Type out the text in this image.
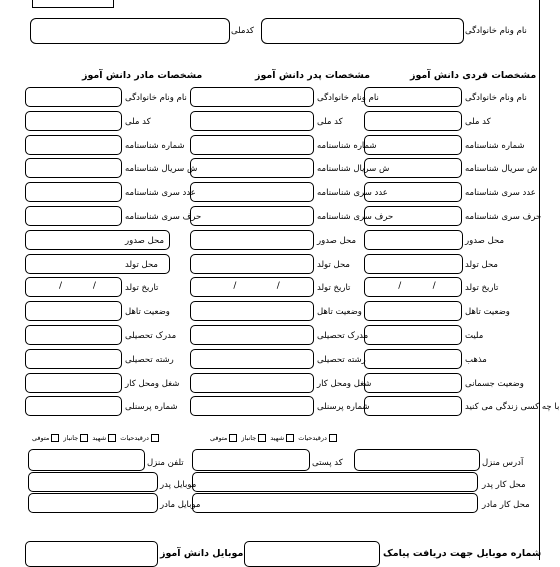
نام ونام خانوادگی
کدملی
مشخصات فردی دانش آموز
مشخصات پدر دانش آموز
مشخصات مادر دانش آموز
نام ونام خانوادگی
کد ملی
شماره شناسنامه
ش سریال شناسنامه
عدد سری شناسنامه
حرف سری شناسنامه
محل صدور
محل تولد
تاریخ تولد
/	/
وضعیت تاهل
ملیت
مذهب
وضعیت جسمانی
با چه کسی زندگی می کنید
نام ونام خانوادگی
کد ملی
شماره شناسنامه
ش سریال شناسنامه
عدد سری شناسنامه
حرف سری شناسنامه
محل صدور
محل تولد
تاریخ تولد
/	/
وضعیت تاهل
مدرک تحصیلی
رشته تحصیلی
شغل ومحل کار
شماره پرسنلی
نام ونام خانوادگی
کد ملی
شماره شناسنامه
ش سریال شناسنامه
عدد سری شناسنامه
حرف سری شناسنامه
محل صدور
محل تولد
تاریخ تولد
/	/
وضعیت تاهل
مدرک تحصیلی
رشته تحصیلی
شغل ومحل کار
شماره پرسنلی
درقیدحیات شهید جانباز متوفی
درقیدحیات شهید جانباز متوفی
آدرس منزل
کد پستی
تلفن منزل
محل کار پدر
موبایل پدر
محل کار مادر
موبایل مادر
شماره موبایل جهت دریافت پیامک
موبایل دانش آموز
